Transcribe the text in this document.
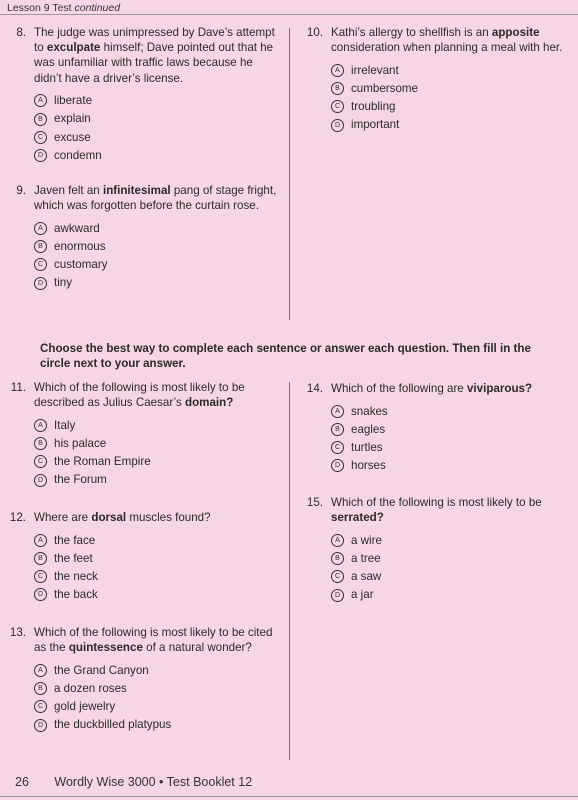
Lesson 9 Test continued
8. The judge was unimpressed by Dave’s attempt to exculpate himself; Dave pointed out that he was unfamiliar with traffic laws because he didn’t have a driver’s license.
A liberate
B explain
C excuse
D condemn
9. Javen felt an infinitesimal pang of stage fright, which was forgotten before the curtain rose.
A awkward
B enormous
C customary
D tiny
10. Kathi’s allergy to shellfish is an apposite consideration when planning a meal with her.
A irrelevant
B cumbersome
C troubling
D important
Choose the best way to complete each sentence or answer each question. Then fill in the circle next to your answer.
11. Which of the following is most likely to be described as Julius Caesar’s domain?
A Italy
B his palace
C the Roman Empire
D the Forum
12. Where are dorsal muscles found?
A the face
B the feet
C the neck
D the back
13. Which of the following is most likely to be cited as the quintessence of a natural wonder?
A the Grand Canyon
B a dozen roses
C gold jewelry
D the duckbilled platypus
14. Which of the following are viviparous?
A snakes
B eagles
C turtles
D horses
15. Which of the following is most likely to be serrated?
A a wire
B a tree
C a saw
D a jar
26 Wordly Wise 3000 • Test Booklet 12
